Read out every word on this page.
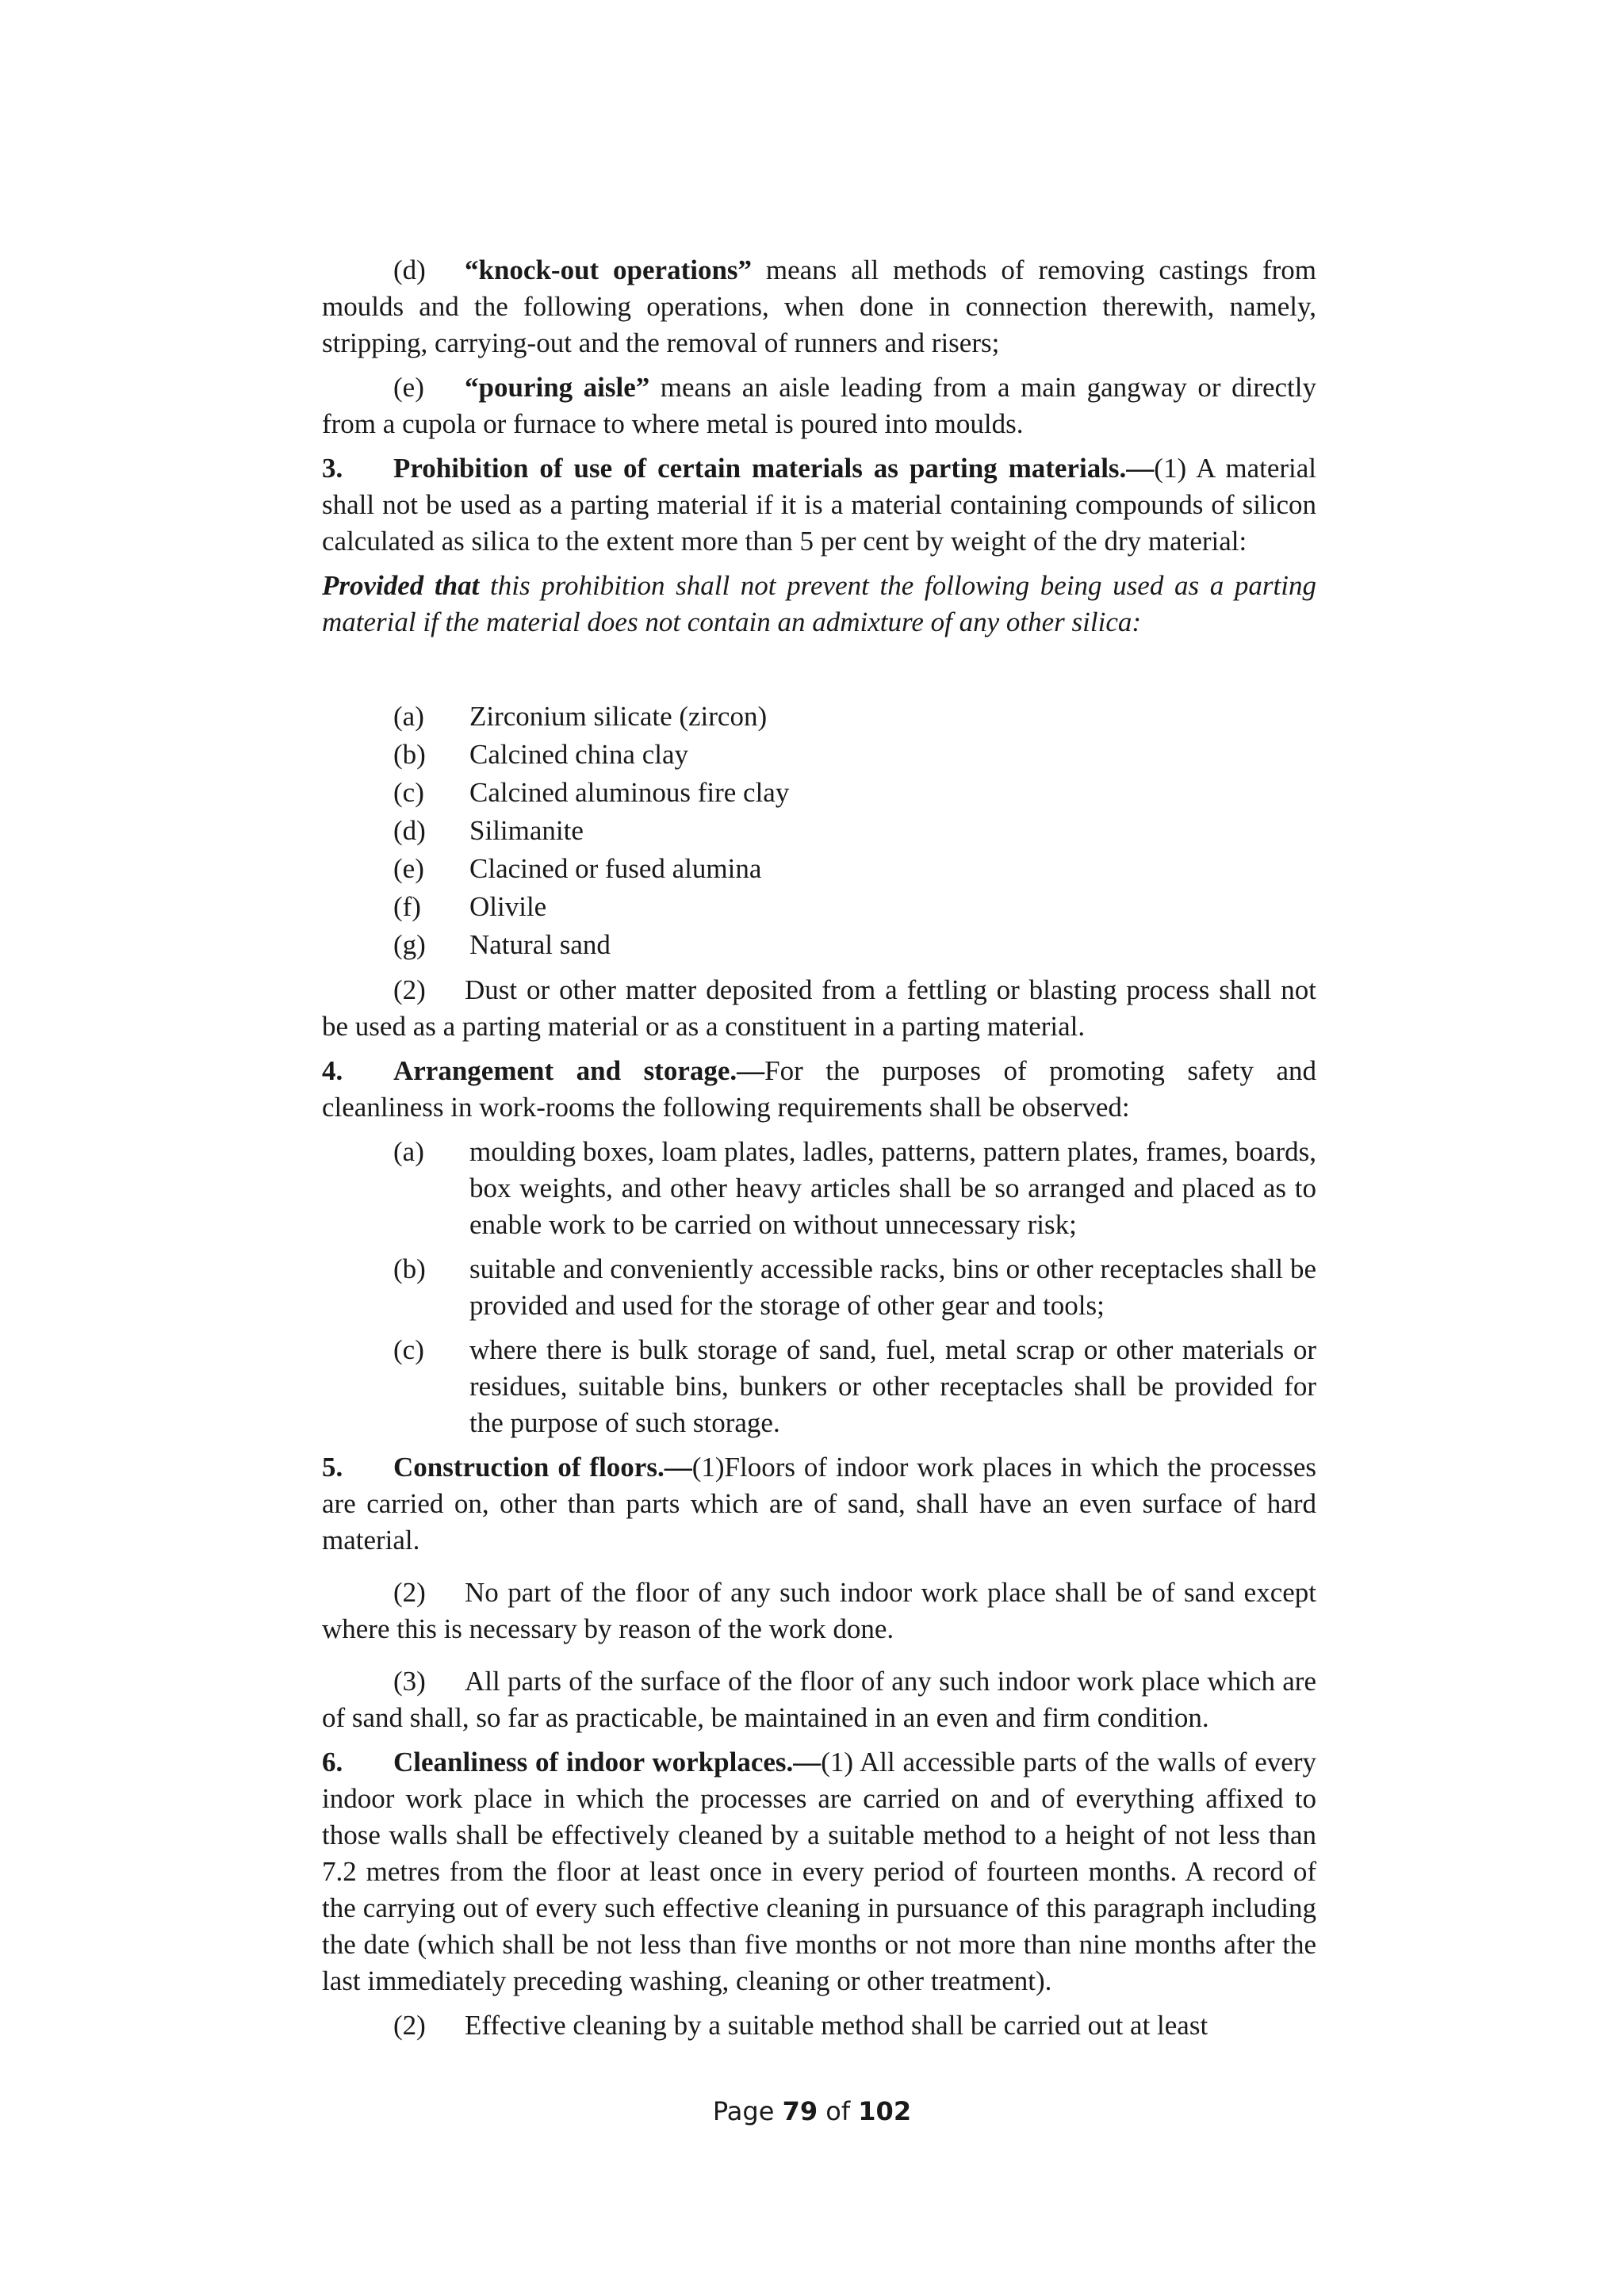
(d) “knock-out operations” means all methods of removing castings from moulds and the following operations, when done in connection therewith, namely, stripping, carrying-out and the removal of runners and risers;

(e) “pouring aisle” means an aisle leading from a main gangway or directly from a cupola or furnace to where metal is poured into moulds.

3. Prohibition of use of certain materials as parting materials.—(1) A material shall not be used as a parting material if it is a material containing compounds of silicon calculated as silica to the extent more than 5 per cent by weight of the dry material:

Provided that this prohibition shall not prevent the following being used as a parting material if the material does not contain an admixture of any other silica:

(a)	Zirconium silicate (zircon)
(b)	Calcined china clay
(c)	Calcined aluminous fire clay
(d)	Silimanite
(e)	Clacined or fused alumina
(f)	Olivile
(g)	Natural sand

(2) Dust or other matter deposited from a fettling or blasting process shall not be used as a parting material or as a constituent in a parting material.

4. Arrangement and storage.—For the purposes of promoting safety and cleanliness in work-rooms the following requirements shall be observed:

(a)	moulding boxes, loam plates, ladles, patterns, pattern plates, frames, boards, box weights, and other heavy articles shall be so arranged and placed as to enable work to be carried on without unnecessary risk;
(b)	suitable and conveniently accessible racks, bins or other receptacles shall be provided and used for the storage of other gear and tools;
(c)	where there is bulk storage of sand, fuel, metal scrap or other materials or residues, suitable bins, bunkers or other receptacles shall be provided for the purpose of such storage.

5. Construction of floors.—(1)Floors of indoor work places in which the processes are carried on, other than parts which are of sand, shall have an even surface of hard material.

(2) No part of the floor of any such indoor work place shall be of sand except where this is necessary by reason of the work done.

(3) All parts of the surface of the floor of any such indoor work place which are of sand shall, so far as practicable, be maintained in an even and firm condition.

6. Cleanliness of indoor workplaces.—(1) All accessible parts of the walls of every indoor work place in which the processes are carried on and of everything affixed to those walls shall be effectively cleaned by a suitable method to a height of not less than 7.2 metres from the floor at least once in every period of fourteen months. A record of the carrying out of every such effective cleaning in pursuance of this paragraph including the date (which shall be not less than five months or not more than nine months after the last immediately preceding washing, cleaning or other treatment).

(2) Effective cleaning by a suitable method shall be carried out at least

Page 79 of 102
